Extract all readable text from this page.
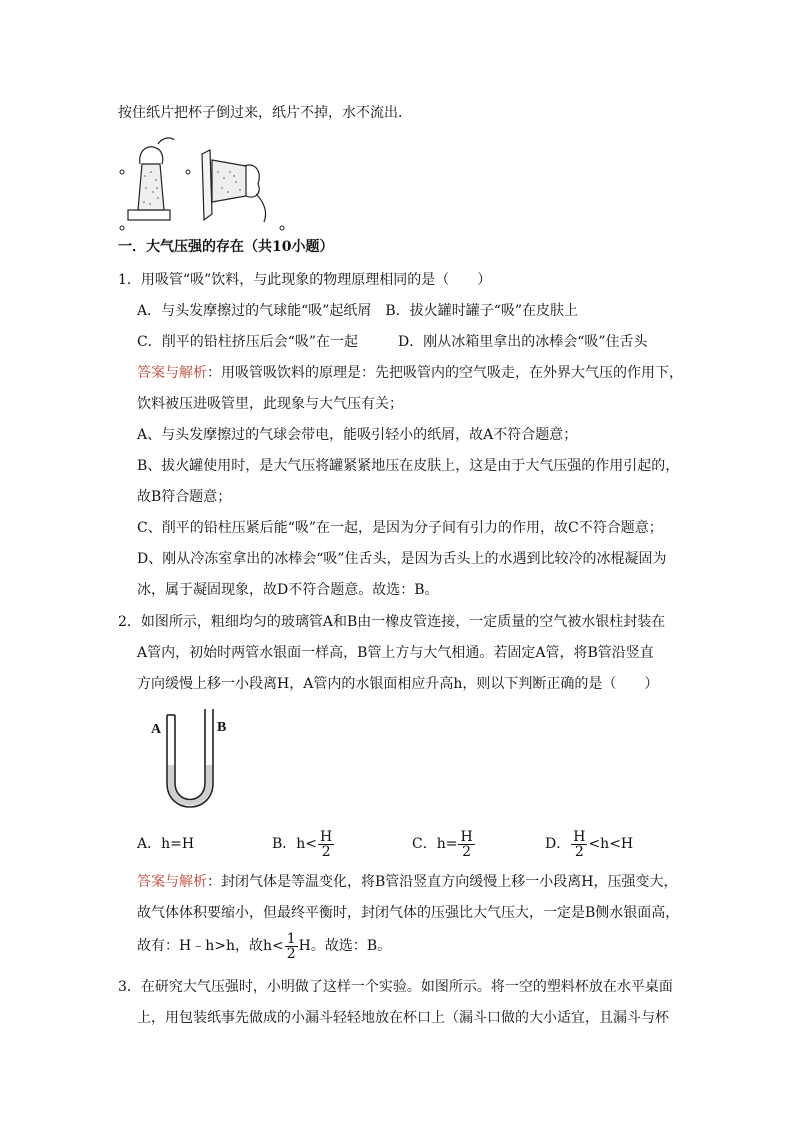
按住纸片把杯子倒过来，纸片不掉，水不流出.
一．大气压强的存在（共10小题）
1．用吸管“吸”饮料，与此现象的物理原理相同的是（　　）
A．与头发摩擦过的气球能“吸”起纸屑　B．拔火罐时罐子“吸”在皮肤上
C．削平的铅柱挤压后会“吸”在一起	D．刚从冰箱里拿出的冰棒会“吸”住舌头
答案与解析：用吸管吸饮料的原理是：先把吸管内的空气吸走，在外界大气压的作用下，
饮料被压进吸管里，此现象与大气压有关；
A、与头发摩擦过的气球会带电，能吸引轻小的纸屑，故A不符合题意；
B、拔火罐使用时，是大气压将罐紧紧地压在皮肤上，这是由于大气压强的作用引起的，
故B符合题意；
C、削平的铅柱压紧后能“吸”在一起，是因为分子间有引力的作用，故C不符合题意；
D、刚从冷冻室拿出的冰棒会“吸”住舌头，是因为舌头上的水遇到比较冷的冰棍凝固为
冰，属于凝固现象，故D不符合题意。故选：B。
2．如图所示，粗细均匀的玻璃管A和B由一橡皮管连接，一定质量的空气被水银柱封装在
A管内，初始时两管水银面一样高，B管上方与大气相通。若固定A管，将B管沿竖直
方向缓慢上移一小段离H，A管内的水银面相应升高h，则以下判断正确的是（　　）
A	B
A．h=H	B．$h< \frac{H}{2}$	C．$h= \frac{H}{2}$	D． $\frac{H}{2} <h<H$
答案与解析：封闭气体是等温变化，将B管沿竖直方向缓慢上移一小段离H，压强变大，
故气体体积要缩小，但最终平衡时，封闭气体的压强比大气压大，一定是B侧水银面高，
故有：H﹣h>h，故$h< \frac{1}{2}$ H。故选：B。
3．在研究大气压强时，小明做了这样一个实验。如图所示。将一空的塑料杯放在水平桌面
上，用包装纸事先做成的小漏斗轻轻地放在杯口上（漏斗口做的大小适宜，且漏斗与杯
